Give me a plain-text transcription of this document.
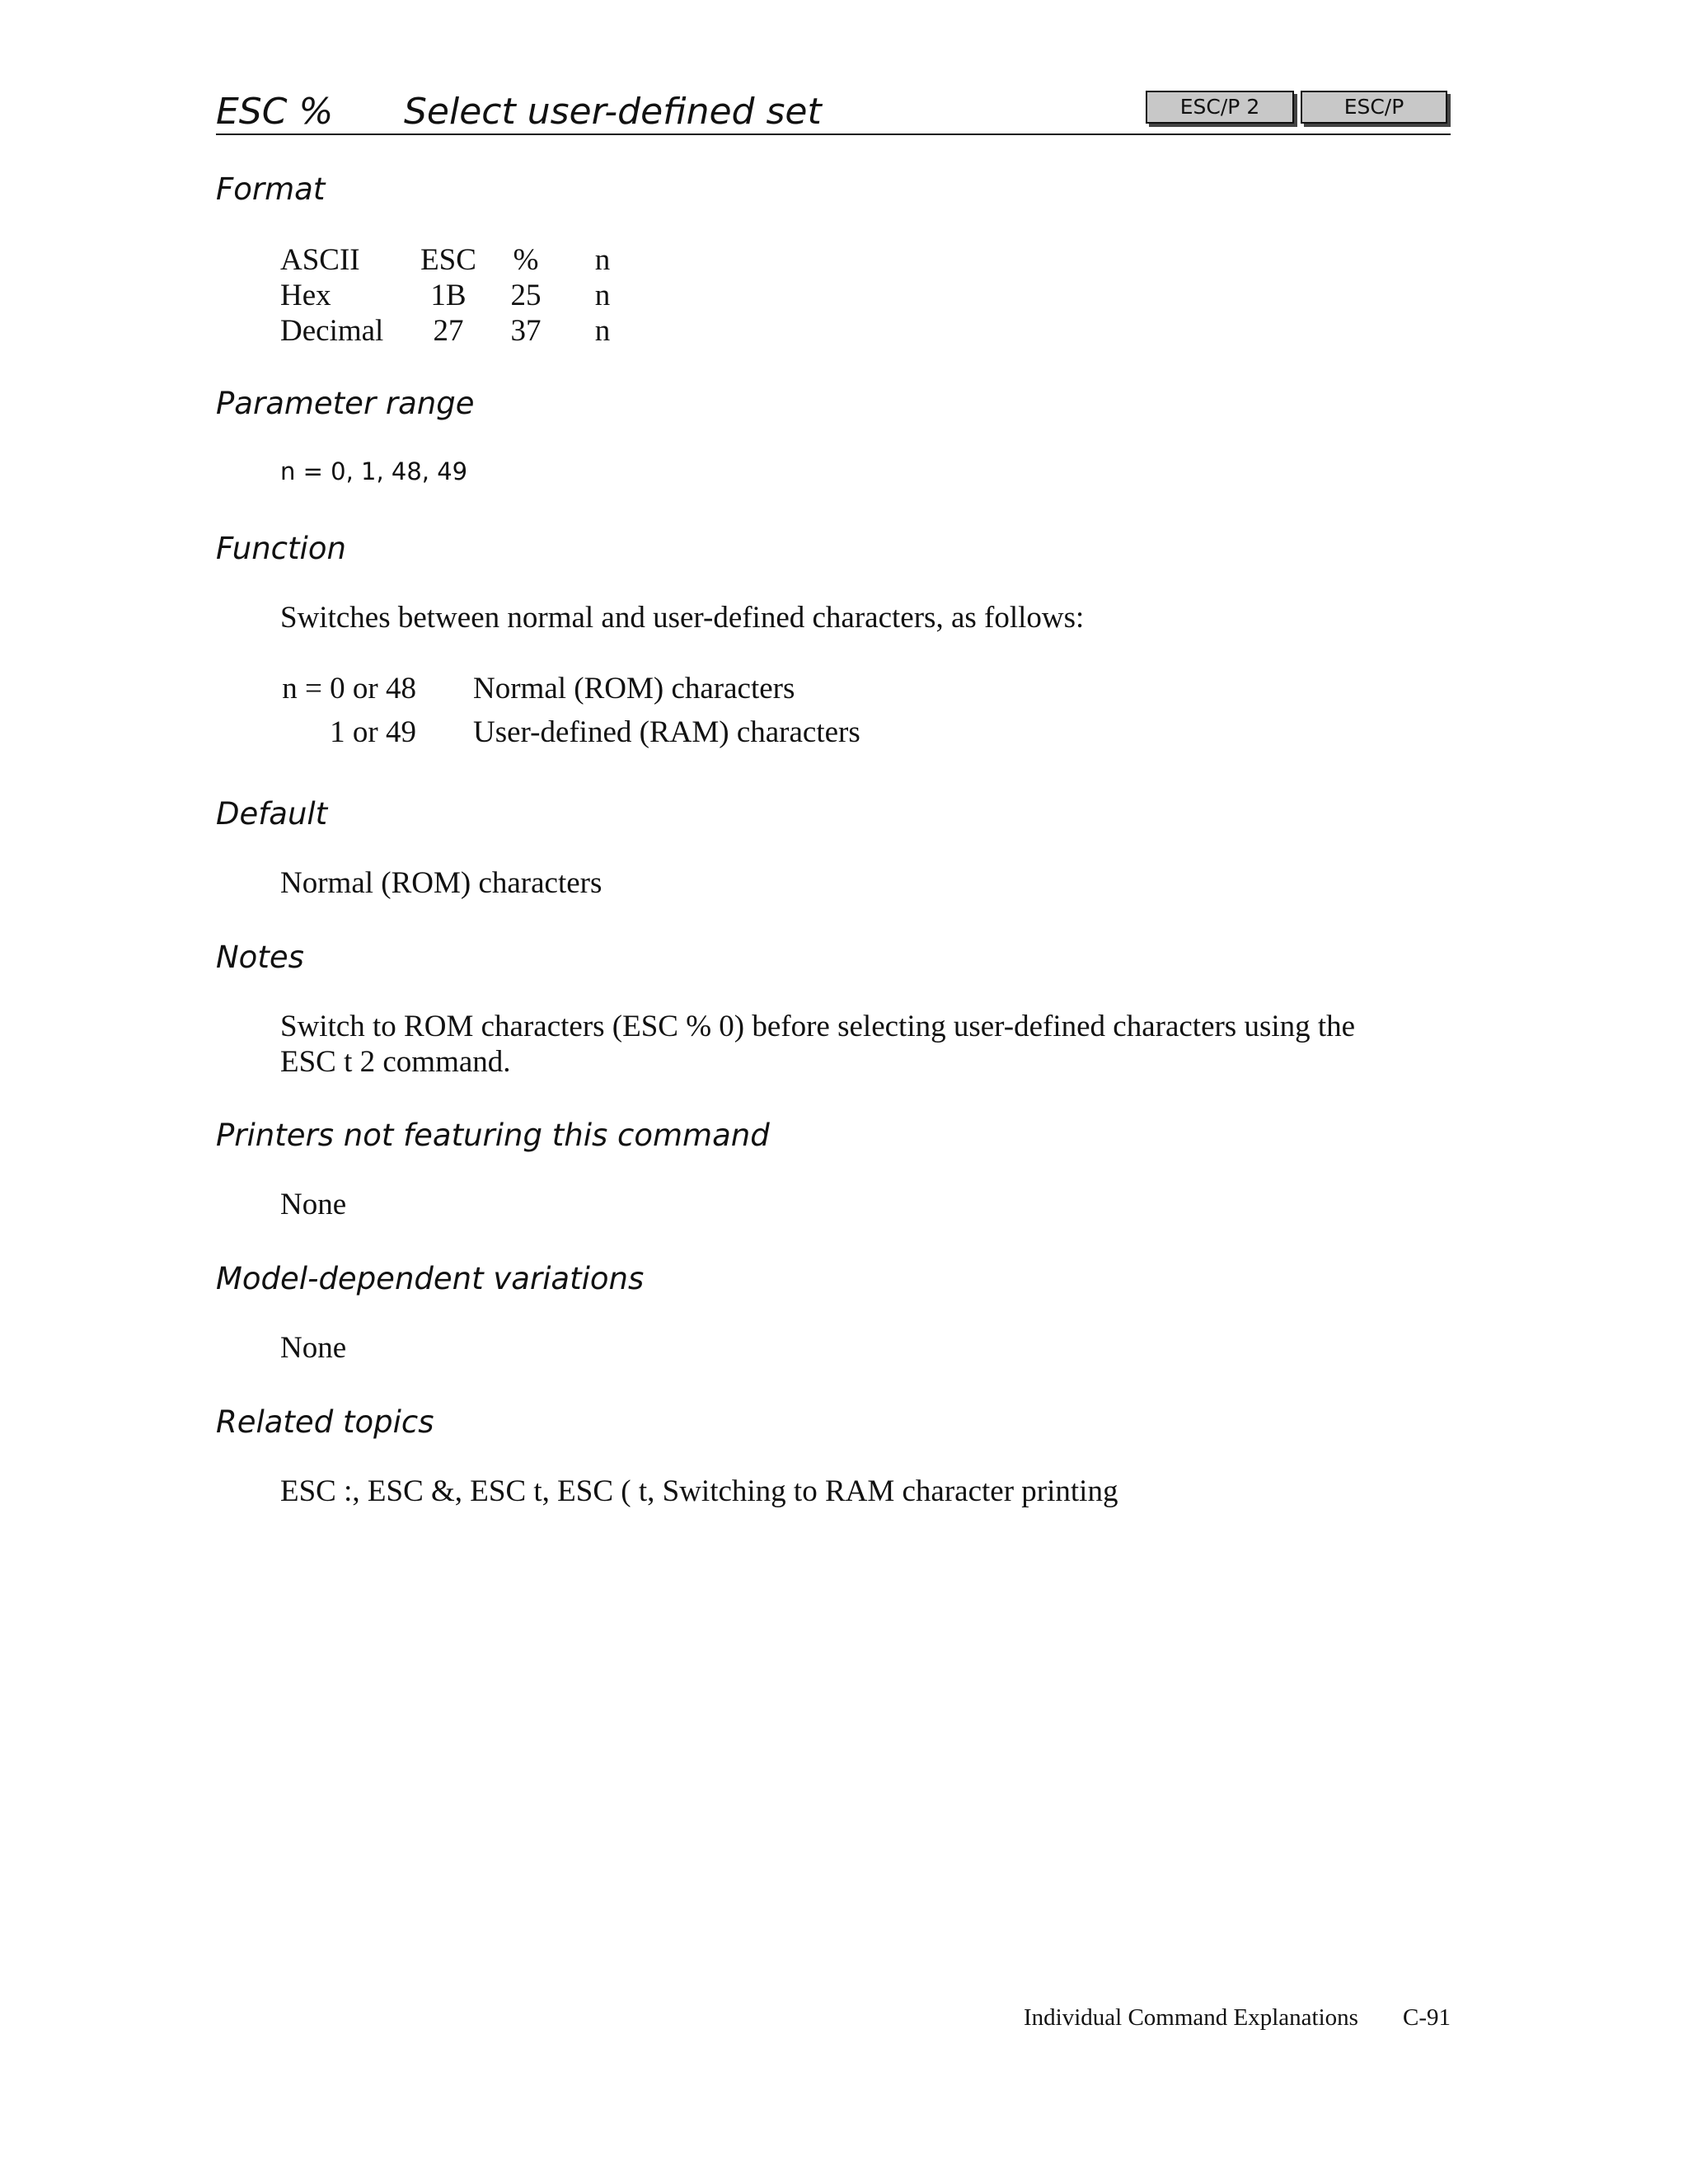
ESC % Select user-defined set	ESC/P 2	ESC/P
Format
ASCII ESC % n
Hex	1B	25 n
Decimal	27	37 n
Parameter range
n = 0, 1, 48, 49
Function
Switches between normal and user-defined characters, as follows:
n = 0 or 48 Normal (ROM) characters
1 or 49 User-defined (RAM) characters
Default
Normal (ROM) characters
Notes
Switch to ROM characters (ESC % 0) before selecting user-defined characters using the
ESC t 2 command.
Printers not featuring this command
None
Model-dependent variations
None
Related topics
ESC :, ESC &, ESC t, ESC ( t, Switching to RAM character printing
Individual Command Explanations C-91
